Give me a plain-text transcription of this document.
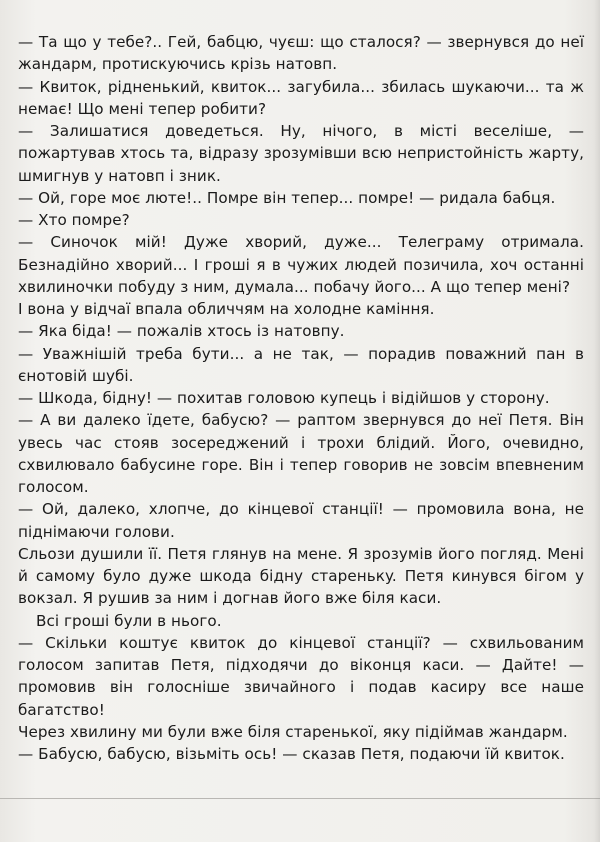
— Та що у тебе?.. Гей, бабцю, чуєш: що сталося? — звернувся до неї жандарм, протискуючись крізь натовп.

— Квиток, рідненький, квиток... загубила... збилась шукаючи... та ж немає! Що мені тепер робити?

— Залишатися доведеться. Ну, нічого, в місті веселіше, — пожартував хтось та, відразу зрозумівши всю непристойність жарту, шмигнув у натовп і зник.

— Ой, горе моє люте!.. Помре він тепер... помре! — ридала бабця.

— Хто помре?

— Синочок мій! Дуже хворий, дуже... Телеграму отримала. Безнадійно хворий... І гроші я в чужих людей позичила, хоч останні хвилиночки побуду з ним, думала... побачу його... А що тепер мені?

І вона у відчаї впала обличчям на холодне каміння.

— Яка біда! — пожалів хтось із натовпу.

— Уважнішій треба бути... а не так, — порадив поважний пан в єнотовій шубі.

— Шкода, бідну! — похитав головою купець і відійшов у сторону.

— А ви далеко їдете, бабусю? — раптом звернувся до неї Петя. Він увесь час стояв зосереджений і трохи блідий. Його, очевидно, схвилювало бабусине горе. Він і тепер говорив не зовсім впевненим голосом.

— Ой, далеко, хлопче, до кінцевої станції! — промовила вона, не піднімаючи голови.

Сльози душили її. Петя глянув на мене. Я зрозумів його погляд. Мені й самому було дуже шкода бідну старенькy. Петя кинувся бігом у вокзал. Я рушив за ним і догнав його вже біля каси.

Всі гроші були в нього.

— Скільки коштує квиток до кінцевої станції? — схвильованим голосом запитав Петя, підходячи до віконця каси. — Дайте! — промовив він голосніше звичайного і подав касиру все наше багатство!

Через хвилину ми були вже біля старенької, яку підіймав жандарм.

— Бабусю, бабусю, візьміть ось! — сказав Петя, подаючи їй квиток.
